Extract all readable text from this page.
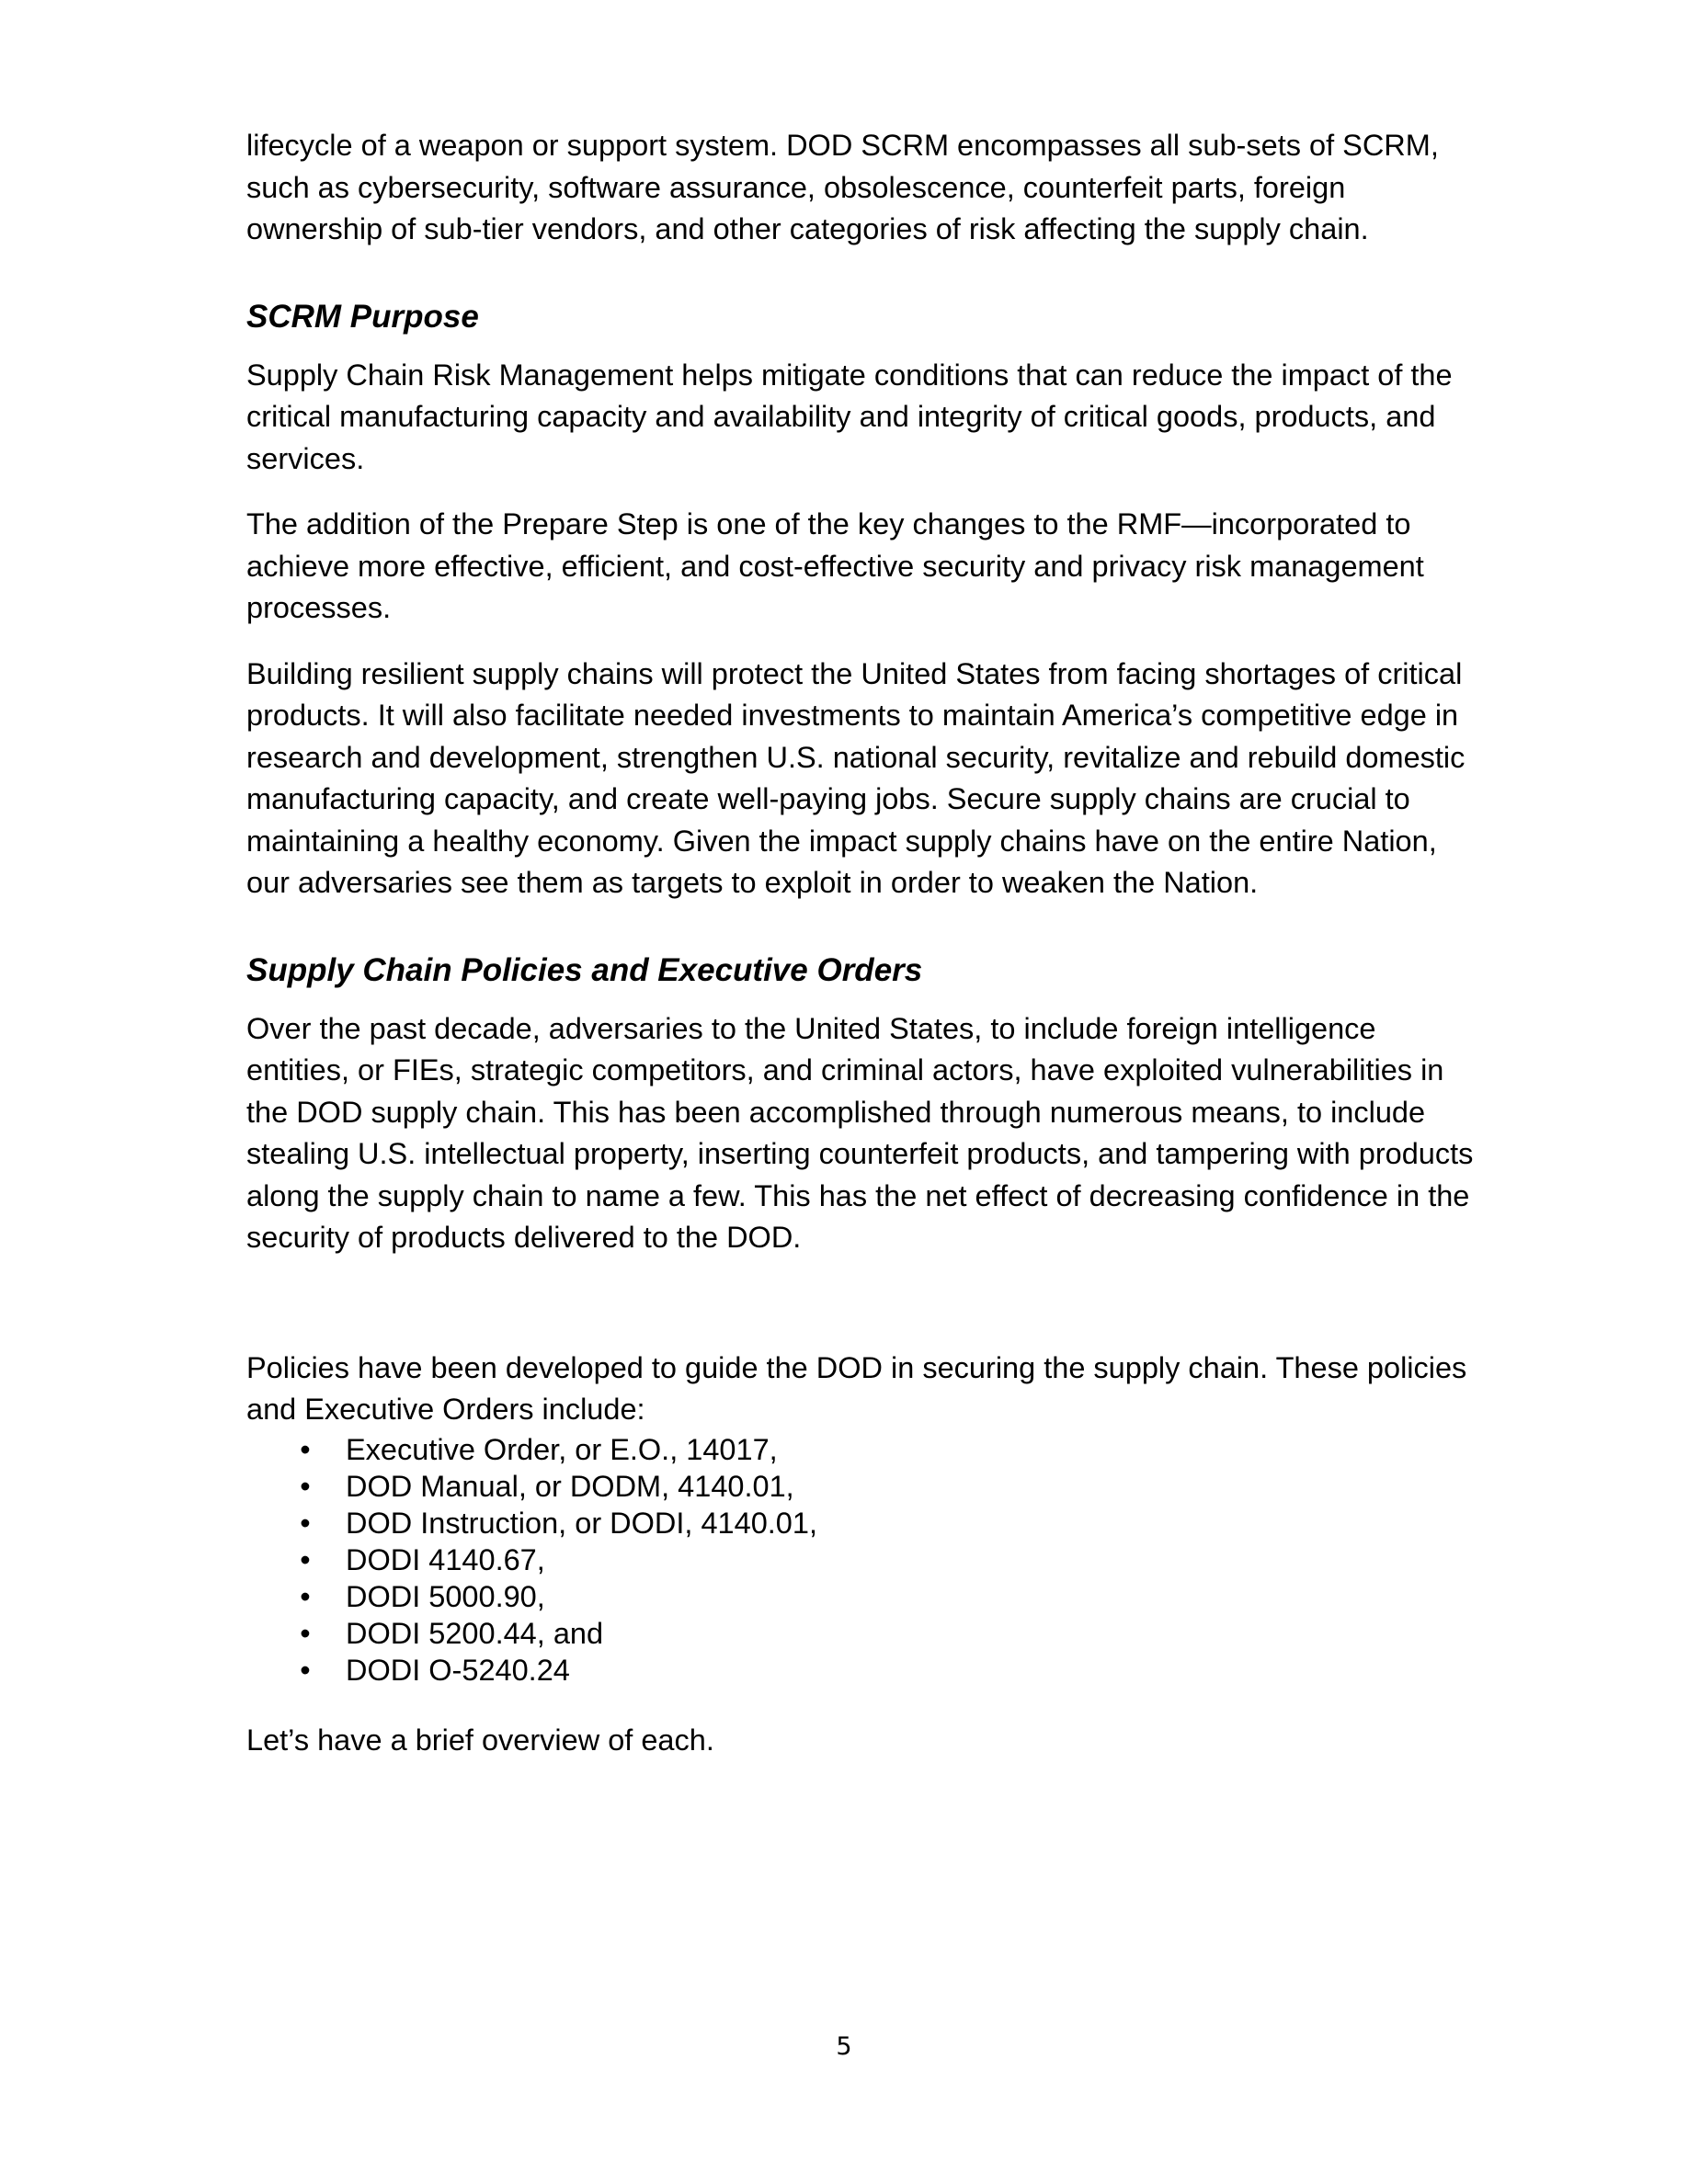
lifecycle of a weapon or support system. DOD SCRM encompasses all sub-sets of SCRM, such as cybersecurity, software assurance, obsolescence, counterfeit parts, foreign ownership of sub-tier vendors, and other categories of risk affecting the supply chain.

SCRM Purpose

Supply Chain Risk Management helps mitigate conditions that can reduce the impact of the critical manufacturing capacity and availability and integrity of critical goods, products, and services.

The addition of the Prepare Step is one of the key changes to the RMF—incorporated to achieve more effective, efficient, and cost-effective security and privacy risk management processes.

Building resilient supply chains will protect the United States from facing shortages of critical products. It will also facilitate needed investments to maintain America’s competitive edge in research and development, strengthen U.S. national security, revitalize and rebuild domestic manufacturing capacity, and create well-paying jobs. Secure supply chains are crucial to maintaining a healthy economy. Given the impact supply chains have on the entire Nation, our adversaries see them as targets to exploit in order to weaken the Nation.

Supply Chain Policies and Executive Orders

Over the past decade, adversaries to the United States, to include foreign intelligence entities, or FIEs, strategic competitors, and criminal actors, have exploited vulnerabilities in the DOD supply chain. This has been accomplished through numerous means, to include stealing U.S. intellectual property, inserting counterfeit products, and tampering with products along the supply chain to name a few. This has the net effect of decreasing confidence in the security of products delivered to the DOD.

Policies have been developed to guide the DOD in securing the supply chain. These policies and Executive Orders include:

• Executive Order, or E.O., 14017,
• DOD Manual, or DODM, 4140.01,
• DOD Instruction, or DODI, 4140.01,
• DODI 4140.67,
• DODI 5000.90,
• DODI 5200.44, and
• DODI O-5240.24

Let’s have a brief overview of each.

5
